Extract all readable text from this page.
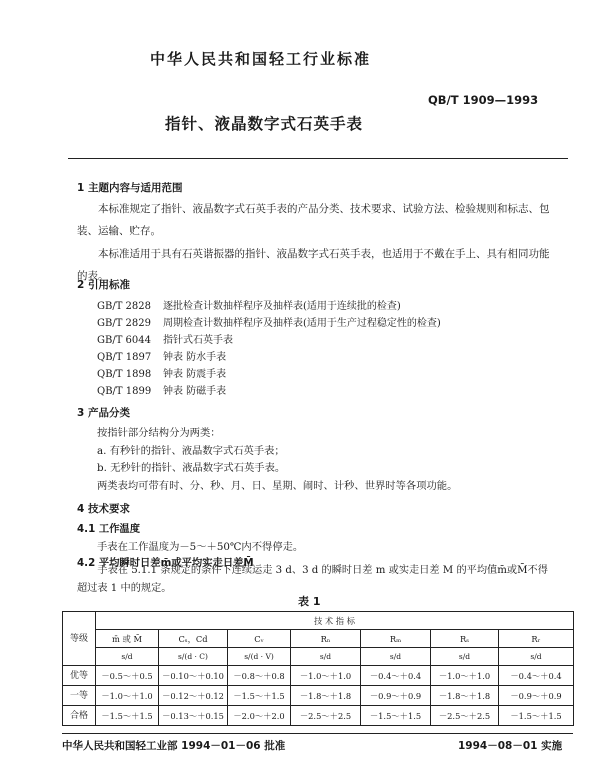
中华人民共和国轻工行业标准
QB/T 1909—1993
指针、液晶数字式石英手表
1 主题内容与适用范围
本标准规定了指针、液晶数字式石英手表的产品分类、技术要求、试验方法、检验规则和标志、包装、运输、贮存。
本标准适用于具有石英谐振器的指针、液晶数字式石英手表，也适用于不戴在手上、具有相同功能的表。
2 引用标准
GB/T 2828 逐批检查计数抽样程序及抽样表(适用于连续批的检查)
GB/T 2829 周期检查计数抽样程序及抽样表(适用于生产过程稳定性的检查)
GB/T 6044 指针式石英手表
QB/T 1897 钟表 防水手表
QB/T 1898 钟表 防震手表
QB/T 1899 钟表 防磁手表
3 产品分类
按指针部分结构分为两类：
a. 有秒针的指针、液晶数字式石英手表；
b. 无秒针的指针、液晶数字式石英手表。
两类表均可带有时、分、秒、月、日、星期、闹时、计秒、世界时等各项功能。
4 技术要求
4.1 工作温度
手表在工作温度为－5～＋50℃内不得停走。
4.2 平均瞬时日差m̄或平均实走日差M̄
手表在 5.1.1 条规定的条件下连续运走 3 d、3 d 的瞬时日差 m 或实走日差 M 的平均值m̄或M̄不得超过表 1 中的规定。
表 1
等级	技 术 指 标						
	m̄ 或 M̄	Cₛ，Cd	Cᵥ	Rₙ	Rₘ	Rₛ	Rᵣ
	s/d	s/(d · C)	s/(d · V)	s/d	s/d	s/d	s/d
优等	－0.5～＋0.5	－0.10～＋0.10	－0.8～＋0.8	－1.0～＋1.0	－0.4～＋0.4	－1.0～＋1.0	－0.4～＋0.4
一等	－1.0～＋1.0	－0.12～＋0.12	－1.5～＋1.5	－1.8～＋1.8	－0.9～＋0.9	－1.8～＋1.8	－0.9～＋0.9
合格	－1.5～＋1.5	－0.13～＋0.15	－2.0～＋2.0	－2.5～＋2.5	－1.5～＋1.5	－2.5～＋2.5	－1.5～＋1.5
中华人民共和国轻工业部 1994－01－06 批准	1994－08－01 实施
